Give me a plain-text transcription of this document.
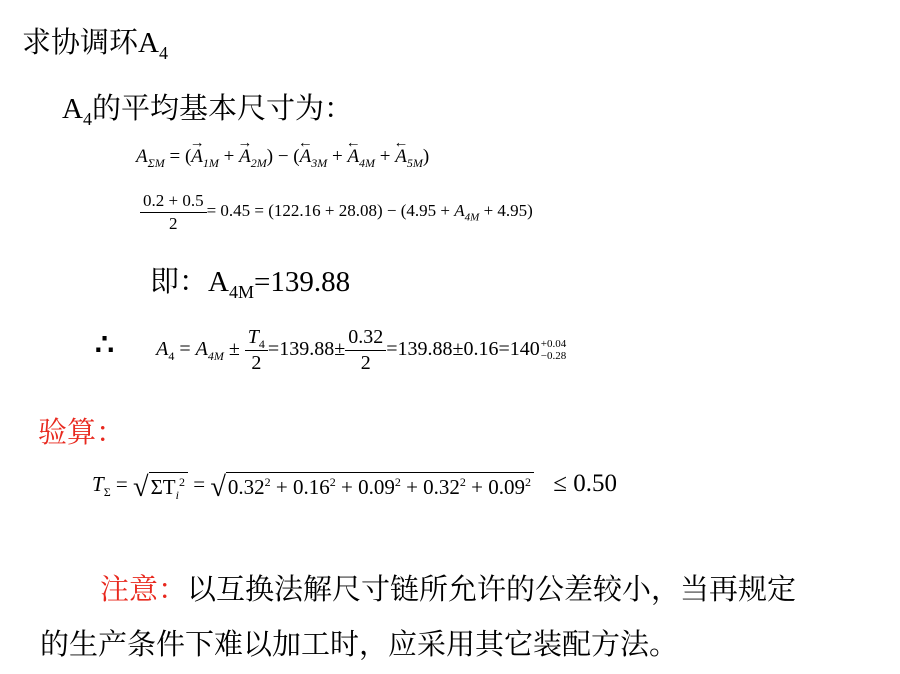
求协调环$A_4$
$A_4$的平均基本尺寸为：
$A_{\Sigma M}$ = (
→
$A_{1M}$ +
→
$A_{2M}$) − (
←
$A_{3M}$ +
←
$A_{4M}$ +
←
$A_{5M}$)
$\frac{0.2 + 0.5}{2} = 0.45 = (122.16 + 28.08) - (4.95 + A_{4M} + 4.95)$
即：$A_{4M}=139.88$
∴ $A_4 = A_{4M} \pm \frac{T_4}{2} =139.88\pm \frac{0.32}{2} =139.88\pm 0.16=140 +0.04$
−0.28
验算：
$T_\Sigma = √\Sigma T_i^2 = √0.32^2 + 0.16^2 + 0.09^2 + 0.32^2 + 0.09^2 \le 0.50$
注意：以互换法解尺寸链所允许的公差较小，当再规定
的生产条件下难以加工时，应采用其它装配方法。
